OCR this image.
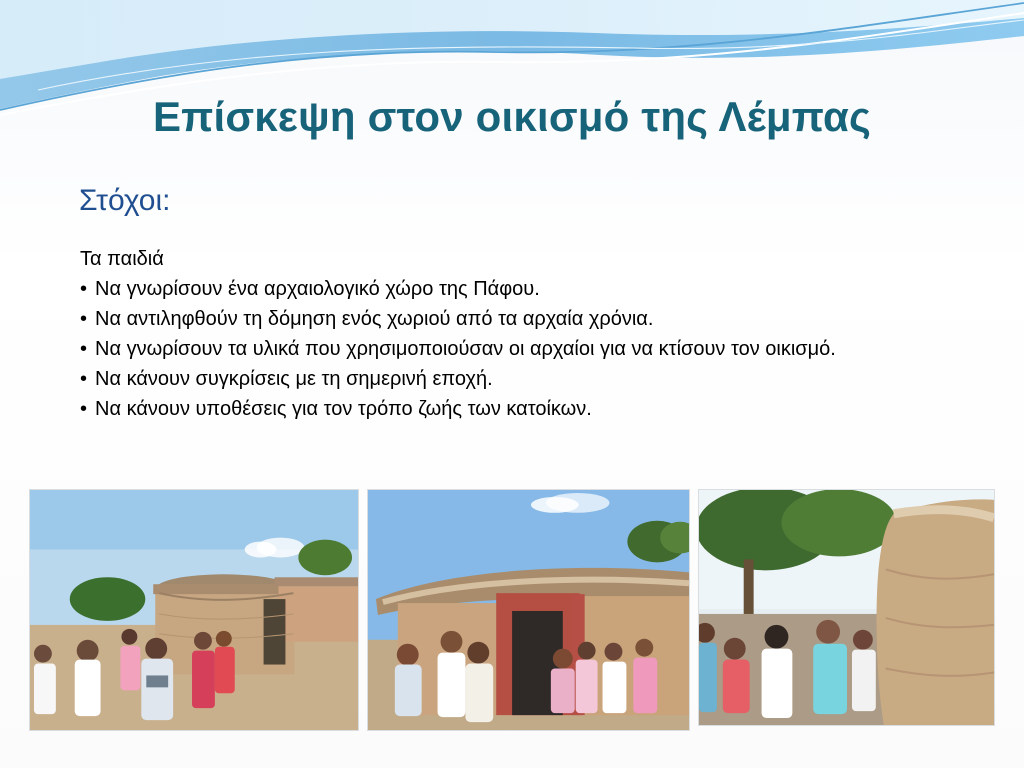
Επίσκεψη στον οικισμό της Λέμπας
Στόχοι:

Τα παιδιά

• Να γνωρίσουν ένα αρχαιολογικό χώρο της Πάφου.
• Να αντιληφθούν τη δόμηση ενός χωριού από τα αρχαία χρόνια.
• Να γνωρίσουν τα υλικά που χρησιμοποιούσαν οι αρχαίοι για να κτίσουν τον οικισμό.
• Να κάνουν συγκρίσεις με τη σημερινή εποχή.
• Να κάνουν υποθέσεις για τον τρόπο ζωής των κατοίκων.
